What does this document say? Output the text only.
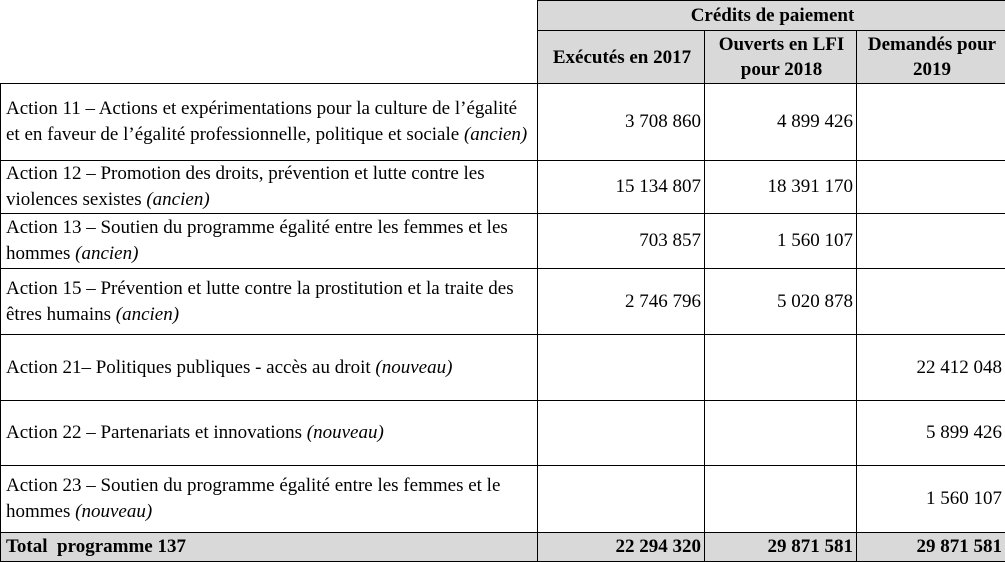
	Crédits de paiement		
	Exécutés en 2017	Ouverts en LFI pour 2018	Demandés pour 2019
Action 11 – Actions et expérimentations pour la culture de l’égalité et en faveur de l’égalité professionnelle, politique et sociale (ancien)	3 708 860	4 899 426	
Action 12 – Promotion des droits, prévention et lutte contre les violences sexistes (ancien)	15 134 807	18 391 170	
Action 13 – Soutien du programme égalité entre les femmes et les hommes (ancien)	703 857	1 560 107	
Action 15 – Prévention et lutte contre la prostitution et la traite des êtres humains (ancien)	2 746 796	5 020 878	
Action 21– Politiques publiques - accès au droit (nouveau)			22 412 048
Action 22 – Partenariats et innovations (nouveau)			5 899 426
Action 23 – Soutien du programme égalité entre les femmes et le hommes (nouveau)			1 560 107
Total  programme 137	22 294 320	29 871 581	29 871 581
